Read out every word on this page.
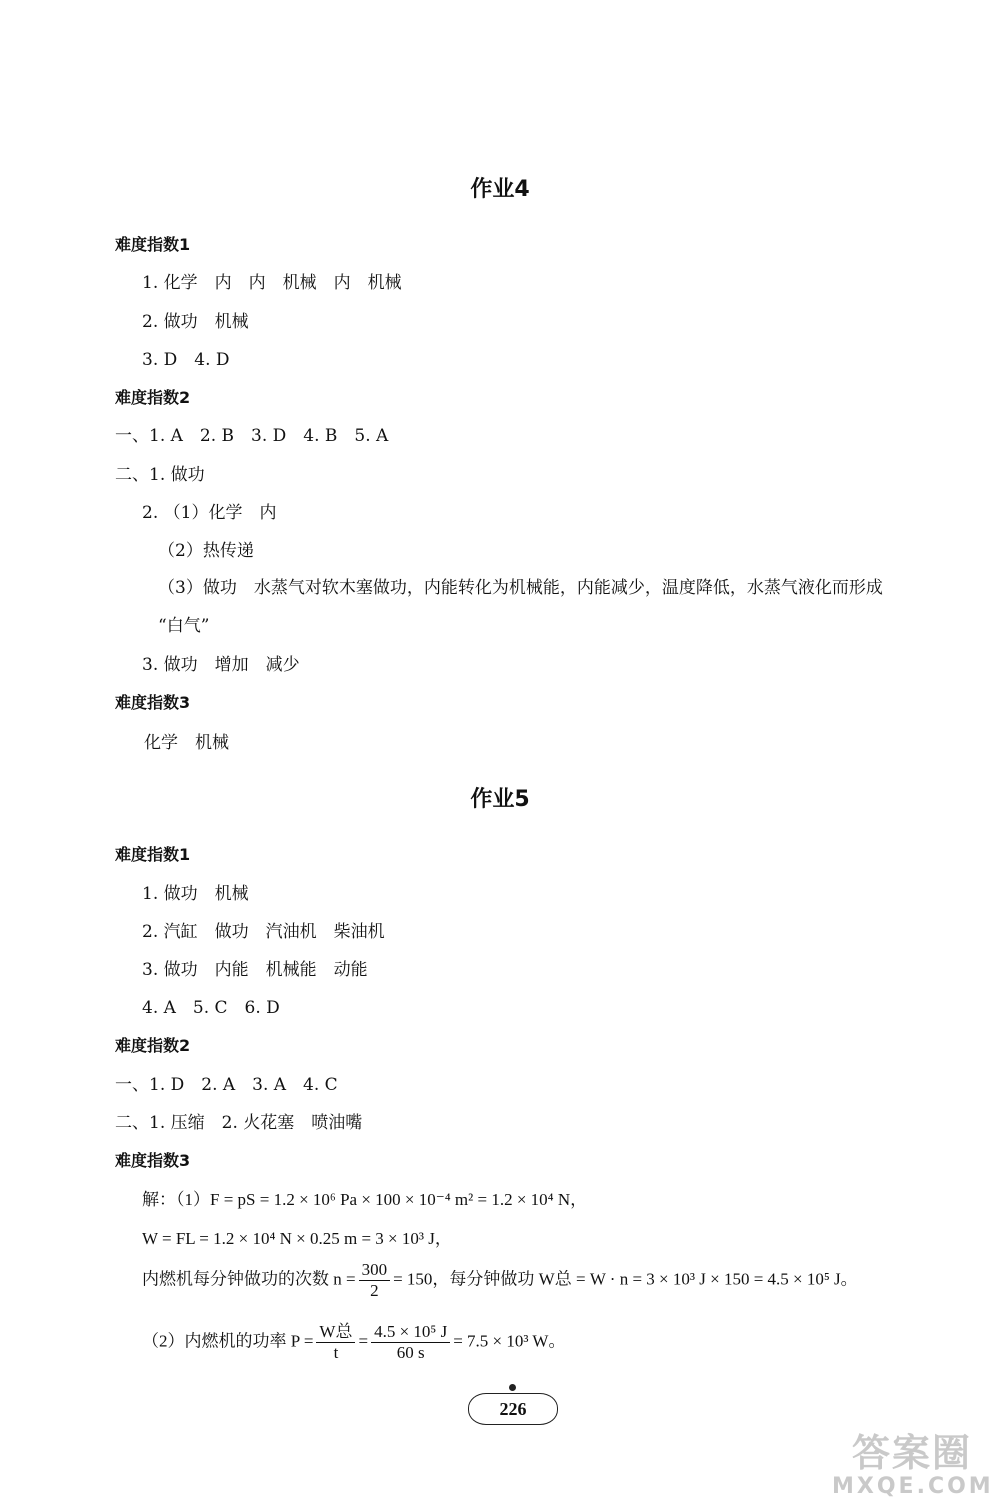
作业4
难度指数1
1. 化学　内　内　机械　内　机械
2. 做功　机械
3. D　4. D
难度指数2
一、1. A　2. B　3. D　4. B　5. A
二、1. 做功
2. （1）化学　内
（2）热传递
（3）做功　水蒸气对软木塞做功，内能转化为机械能，内能减少，温度降低，水蒸气液化而形成
“白气”
3. 做功　增加　减少
难度指数3
化学　机械
作业5
难度指数1
1. 做功　机械
2. 汽缸　做功　汽油机　柴油机
3. 做功　内能　机械能　动能
4. A　5. C　6. D
难度指数2
一、1. D　2. A　3. A　4. C
二、1. 压缩　2. 火花塞　喷油嘴
难度指数3
解：（1）F = pS = 1.2 × 10⁶ Pa × 100 × 10⁻⁴ m² = 1.2 × 10⁴ N，
W = FL = 1.2 × 10⁴ N × 0.25 m = 3 × 10³ J，
内燃机每分钟做功的次数 $n = \frac{300}{2} = 150$，每分钟做功 W总 = W · n = 3 × 10³ J × 150 = 4.5 × 10⁵ J。
（2）内燃机的功率 $P = \frac{\text{W总}}{t} = \frac{\text{4.5 × 10⁵ J}}{60 s} = 7.5 \times 10^3$ W。
226
答案圈
MXQE.COM
